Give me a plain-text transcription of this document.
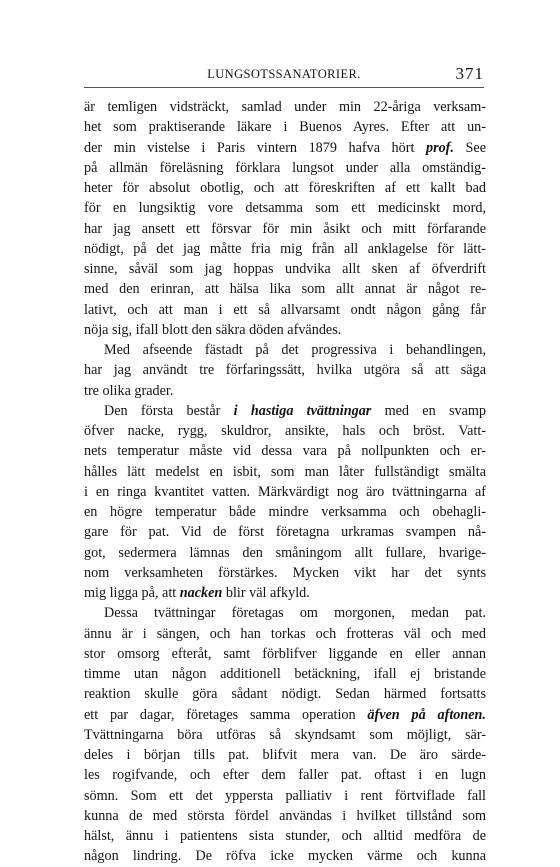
LUNGSOTSSANATORIER.	371
är temligen vidsträckt, samlad under min 22-åriga verksam-
het som praktiserande läkare i Buenos Ayres. Efter att un-
der min vistelse i Paris vintern 1879 hafva hört prof. See
på allmän föreläsning förklara lungsot under alla omständig-
heter för absolut obotlig, och att föreskriften af ett kallt bad
för en lungsiktig vore detsamma som ett medicinskt mord,
har jag ansett ett försvar för min åsikt och mitt förfarande
nödigt, på det jag måtte fria mig från all anklagelse för lätt-
sinne, såväl som jag hoppas undvika allt sken af öfverdrift
med den erinran, att hälsa lika som allt annat är något re-
lativt, och att man i ett så allvarsamt ondt någon gång får
nöja sig, ifall blott den säkra döden afvändes.
Med afseende fästadt på det progressiva i behandlingen,
har jag användt tre förfaringssätt, hvilka utgöra så att säga
tre olika grader.
Den första består i hastiga tvättningar med en svamp
öfver nacke, rygg, skuldror, ansikte, hals och bröst. Vatt-
nets temperatur måste vid dessa vara på nollpunkten och er-
hålles lätt medelst en isbit, som man låter fullständigt smälta
i en ringa kvantitet vatten. Märkvärdigt nog äro tvättningarna af
en högre temperatur både mindre verksamma och obehagli-
gare för pat. Vid de först företagna urkramas svampen nå-
got, sedermera lämnas den småningom allt fullare, hvarige-
nom verksamheten förstärkes. Mycken vikt har det synts
mig ligga på, att nacken blir väl afkyld.
Dessa tvättningar företagas om morgonen, medan pat.
ännu är i sängen, och han torkas och frotteras väl och med
stor omsorg efteråt, samt förblifver liggande en eller annan
timme utan någon additionell betäckning, ifall ej bristande
reaktion skulle göra sådant nödigt. Sedan härmed fortsatts
ett par dagar, företages samma operation äfven på aftonen.
Tvättningarna böra utföras så skyndsamt som möjligt, sär-
deles i början tills pat. blifvit mera van. De äro särde-
les rogifvande, och efter dem faller pat. oftast i en lugn
sömn. Som ett det yppersta palliativ i rent förtviflade fall
kunna de med största fördel användas i hvilket tillstånd som
hälst, ännu i patientens sista stunder, och alltid medföra de
någon lindring. De röfva icke mycken värme och kunna
